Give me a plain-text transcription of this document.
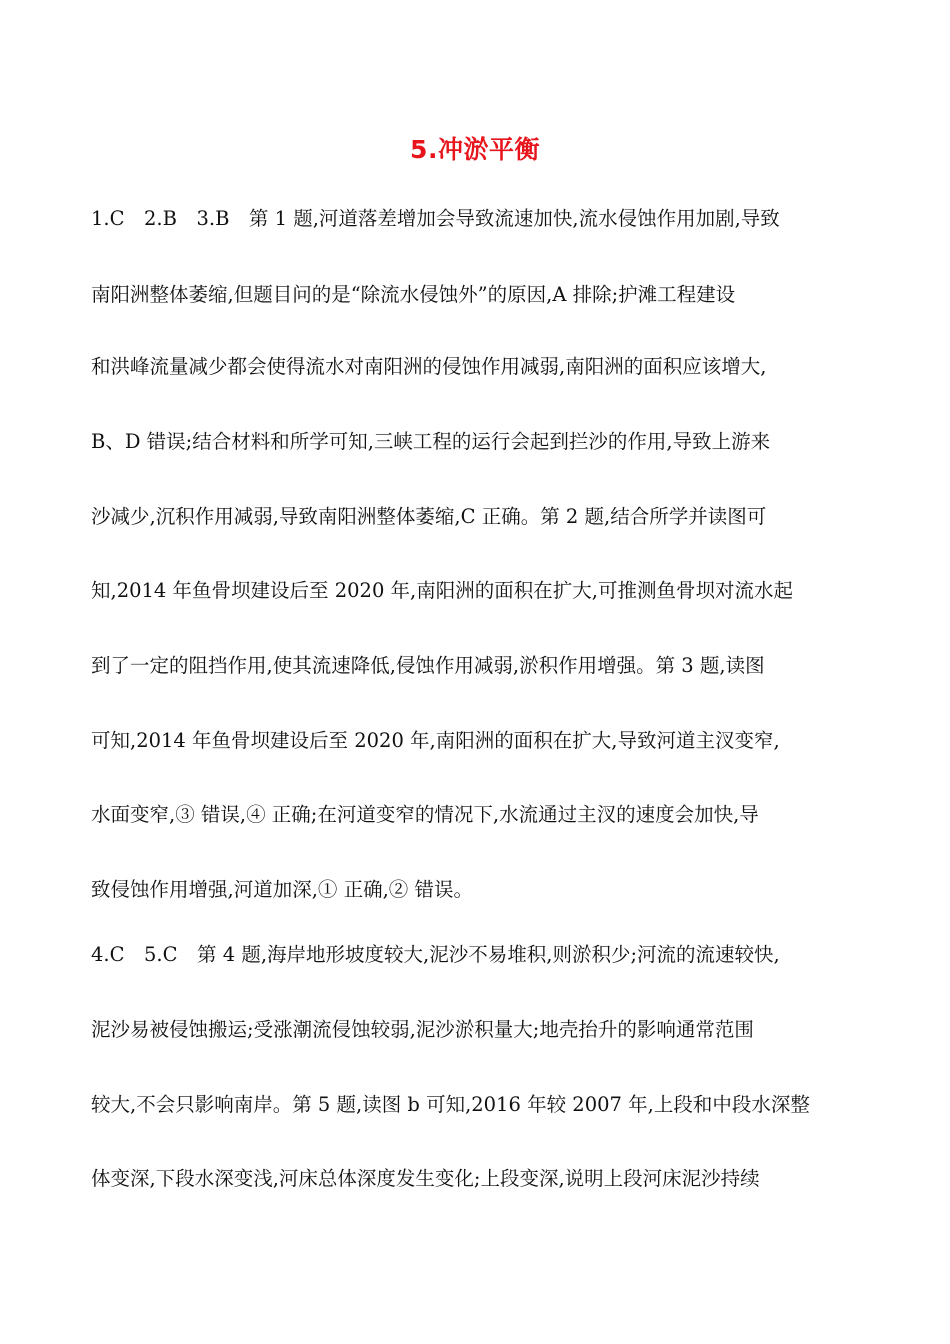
5.冲淤平衡
1.C　2.B　3.B　第 1 题,河道落差增加会导致流速加快,流水侵蚀作用加剧,导致
南阳洲整体萎缩,但题目问的是“除流水侵蚀外”的原因,A 排除;护滩工程建设
和洪峰流量减少都会使得流水对南阳洲的侵蚀作用减弱,南阳洲的面积应该增大,
B、D 错误;结合材料和所学可知,三峡工程的运行会起到拦沙的作用,导致上游来
沙减少,沉积作用减弱,导致南阳洲整体萎缩,C 正确。第 2 题,结合所学并读图可
知,2014 年鱼骨坝建设后至 2020 年,南阳洲的面积在扩大,可推测鱼骨坝对流水起
到了一定的阻挡作用,使其流速降低,侵蚀作用减弱,淤积作用增强。第 3 题,读图
可知,2014 年鱼骨坝建设后至 2020 年,南阳洲的面积在扩大,导致河道主汊变窄,
水面变窄,③ 错误,④ 正确;在河道变窄的情况下,水流通过主汊的速度会加快,导
致侵蚀作用增强,河道加深,① 正确,② 错误。
4.C　5.C　第 4 题,海岸地形坡度较大,泥沙不易堆积,则淤积少;河流的流速较快,
泥沙易被侵蚀搬运;受涨潮流侵蚀较弱,泥沙淤积量大;地壳抬升的影响通常范围
较大,不会只影响南岸。第 5 题,读图 b 可知,2016 年较 2007 年,上段和中段水深整
体变深,下段水深变浅,河床总体深度发生变化;上段变深,说明上段河床泥沙持续
